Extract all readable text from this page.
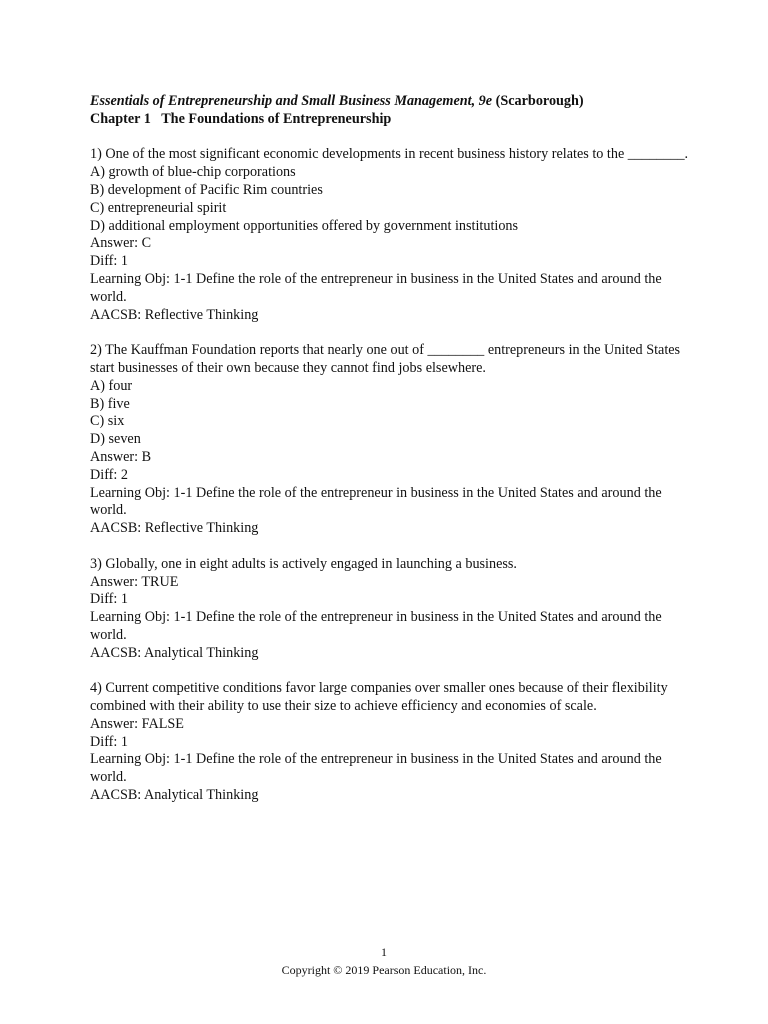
Essentials of Entrepreneurship and Small Business Management, 9e (Scarborough)
Chapter 1 The Foundations of Entrepreneurship
1) One of the most significant economic developments in recent business history relates to the ________.
A) growth of blue-chip corporations
B) development of Pacific Rim countries
C) entrepreneurial spirit
D) additional employment opportunities offered by government institutions
Answer: C
Diff: 1
Learning Obj: 1-1 Define the role of the entrepreneur in business in the United States and around the world.
AACSB: Reflective Thinking
2) The Kauffman Foundation reports that nearly one out of ________ entrepreneurs in the United States start businesses of their own because they cannot find jobs elsewhere.
A) four
B) five
C) six
D) seven
Answer: B
Diff: 2
Learning Obj: 1-1 Define the role of the entrepreneur in business in the United States and around the world.
AACSB: Reflective Thinking
3) Globally, one in eight adults is actively engaged in launching a business.
Answer: TRUE
Diff: 1
Learning Obj: 1-1 Define the role of the entrepreneur in business in the United States and around the world.
AACSB: Analytical Thinking
4) Current competitive conditions favor large companies over smaller ones because of their flexibility combined with their ability to use their size to achieve efficiency and economies of scale.
Answer: FALSE
Diff: 1
Learning Obj: 1-1 Define the role of the entrepreneur in business in the United States and around the world.
AACSB: Analytical Thinking
1
Copyright © 2019 Pearson Education, Inc.
